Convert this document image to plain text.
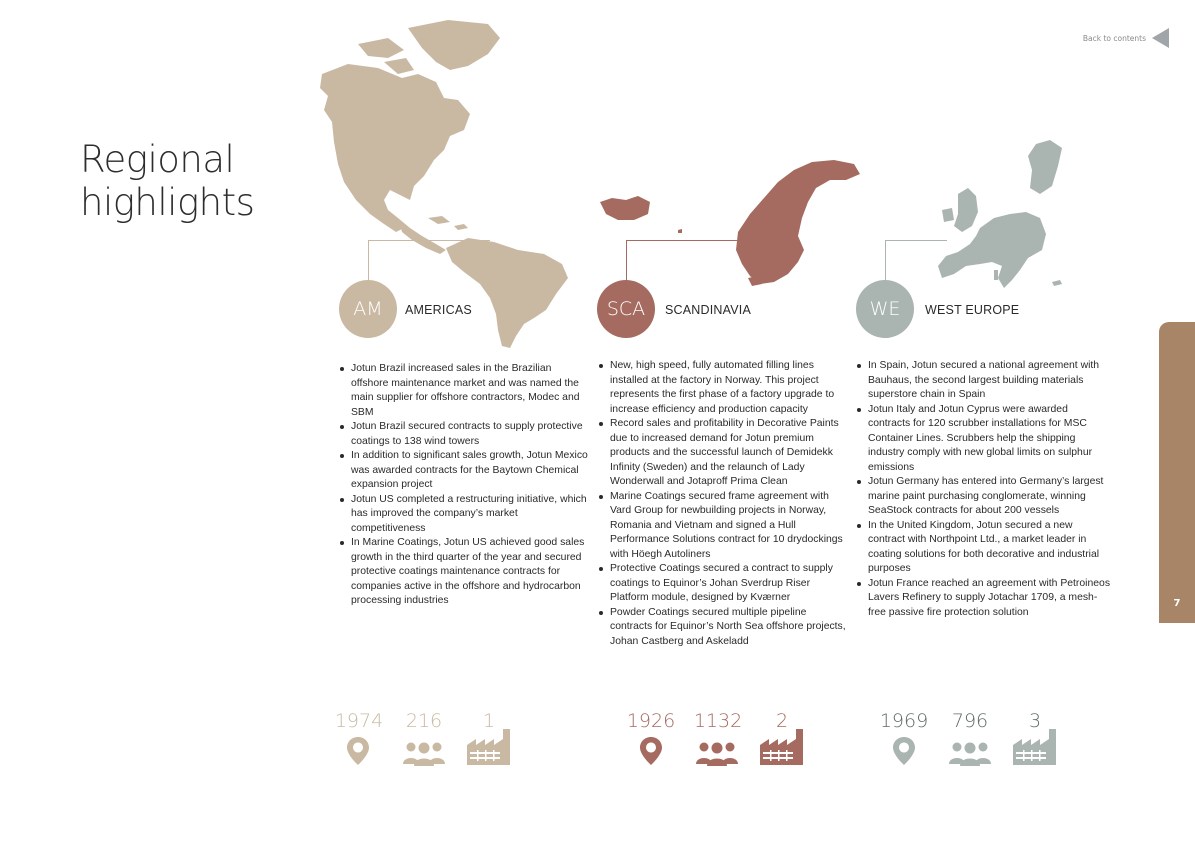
Regional
highlights
Back to contents
INTRODUCTION
7
AM	AMERICAS
Jotun Brazil increased sales in the Brazilian offshore maintenance market and was named the main supplier for offshore contractors, Modec and SBM
Jotun Brazil secured contracts to supply protective coatings to 138 wind towers
In addition to significant sales growth, Jotun Mexico was awarded contracts for the Baytown Chemical expansion project
Jotun US completed a restructuring initiative, which has improved the company’s market competitiveness
In Marine Coatings, Jotun US achieved good sales growth in the third quarter of the year and secured protective coatings maintenance contracts for companies active in the offshore and hydrocarbon processing industries
SCA	SCANDINAVIA
New, high speed, fully automated filling lines installed at the factory in Norway. This project represents the first phase of a factory upgrade to increase efficiency and production capacity
Record sales and profitability in Decorative Paints due to increased demand for Jotun premium products and the successful launch of Demidekk Infinity (Sweden) and the relaunch of Lady Wonderwall and Jotaproff Prima Clean
Marine Coatings secured frame agreement with Vard Group for newbuilding projects in Norway, Romania and Vietnam and signed a Hull Performance Solutions contract for 10 drydockings with Höegh Autoliners
Protective Coatings secured a contract to supply coatings to Equinor’s Johan Sverdrup Riser Platform module, designed by Kværner
Powder Coatings secured multiple pipeline contracts for Equinor’s North Sea offshore projects, Johan Castberg and Askeladd
WE	WEST EUROPE
In Spain, Jotun secured a national agreement with Bauhaus, the second largest building materials superstore chain in Spain
Jotun Italy and Jotun Cyprus were awarded contracts for 120 scrubber installations for MSC Container Lines. Scrubbers help the shipping industry comply with new global limits on sulphur emissions
Jotun Germany has entered into Germany’s largest marine paint purchasing conglomerate, winning SeaStock contracts for about 200 vessels
In the United Kingdom, Jotun secured a new contract with Northpoint Ltd., a market leader in coating solutions for both decorative and industrial purposes
Jotun France reached an agreement with Petroineos Lavers Refinery to supply Jotachar 1709, a mesh-free passive fire protection solution
1974	216	1	1926 1132	2	1969	796	3
